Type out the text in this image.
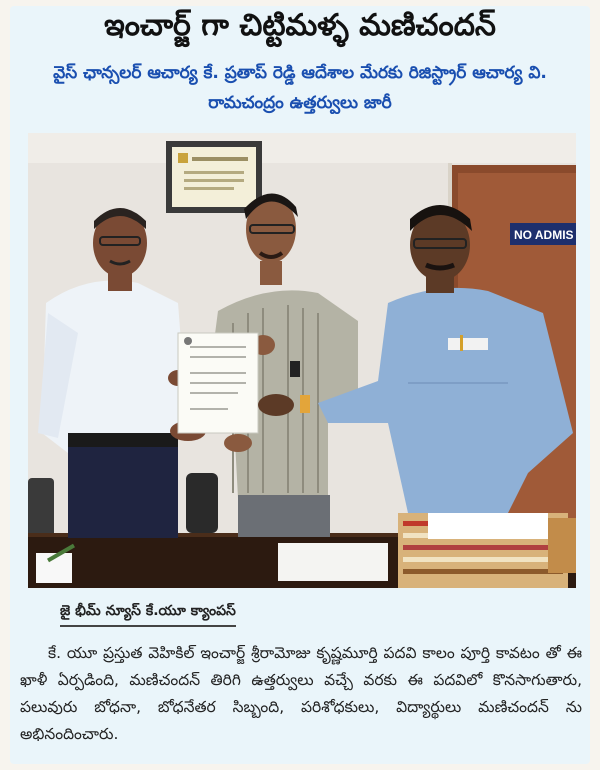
ఇంచార్జ్ గా చిట్టిమళ్ళ మణిచందన్
వైస్ ఛాన్సలర్ ఆచార్య కే. ప్రతాప్ రెడ్డి ఆదేశాల మేరకు రిజిస్ట్రార్ ఆచార్య వి. రామచంద్రం ఉత్తర్వులు జారీ
NO ADMIS
జై భీమ్ న్యూస్ కే.యూ క్యాంపస్
కే. యూ ప్రస్తుత వెహికిల్ ఇంచార్జ్ శ్రీరామోజు కృష్ణమూర్తి పదవి కాలం పూర్తి కావటం తో ఈ ఖాళీ ఏర్పడింది, మణిచందన్ తిరిగి ఉత్తర్వులు వచ్చే వరకు ఈ పదవిలో కొనసాగుతారు, పలువురు బోధనా, బోధనేతర సిబ్బంది, పరిశోధకులు, విద్యార్థులు మణిచందన్ ను అభినందించారు.
